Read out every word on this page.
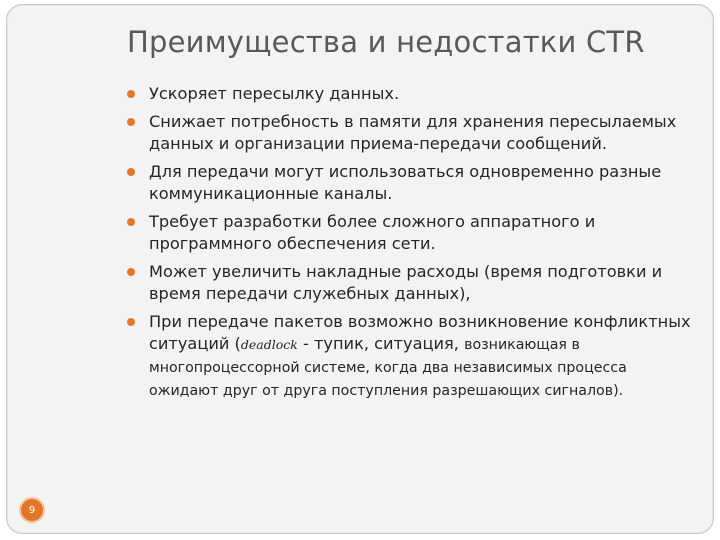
Преимущества и недостатки CTR
Ускоряет пересылку данных.
Снижает потребность в памяти для хранения пересылаемых данных и организации приема-передачи сообщений.
Для передачи могут использоваться одновременно разные коммуникационные каналы.
Требует разработки более сложного аппаратного и программного обеспечения сети.
Может увеличить накладные расходы (время подготовки и время передачи служебных данных),
При передаче пакетов возможно возникновение конфликтных ситуаций (deadlock - тупик, ситуация, возникающая в многопроцессорной системе, когда два независимых процесса ожидают друг от друга поступления разрешающих сигналов).
9
